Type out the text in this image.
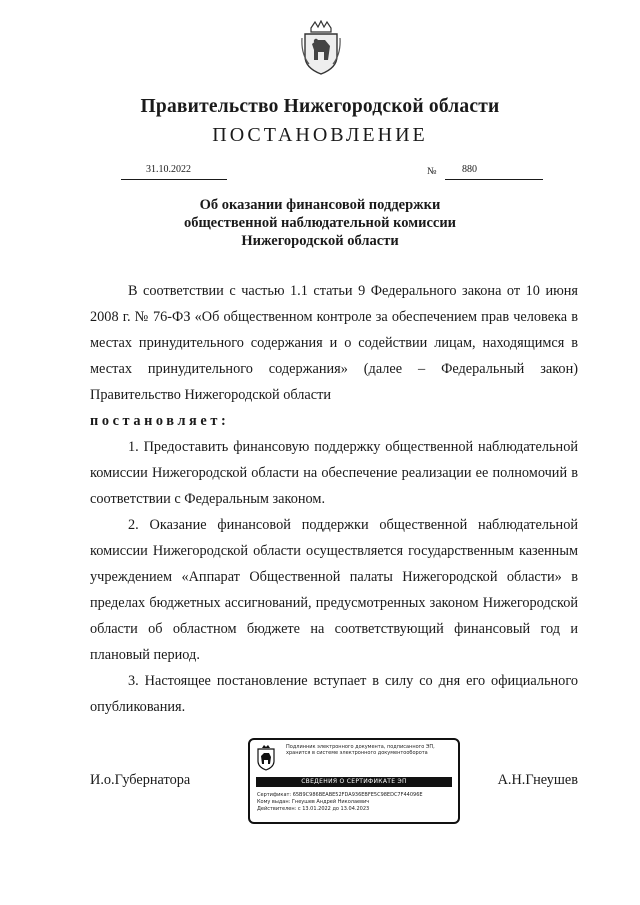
Правительство Нижегородской области
ПОСТАНОВЛЕНИЕ
31.10.2022	№	880
Об оказании финансовой поддержки
общественной наблюдательной комиссии
Нижегородской области

В соответствии с частью 1.1 статьи 9 Федерального закона от 10 июня 2008 г. № 76-ФЗ «Об общественном контроле за обеспечением прав человека в местах принудительного содержания и о содействии лицам, находящимся в местах принудительного содержания» (далее – Федеральный закон) Правительство Нижегородской области

постановляет:

1. Предоставить финансовую поддержку общественной наблюдательной комиссии Нижегородской области на обеспечение реализации ее полномочий в соответствии с Федеральным законом.

2. Оказание финансовой поддержки общественной наблюдательной комиссии Нижегородской области осуществляется государственным казенным учреждением «Аппарат Общественной палаты Нижегородской области» в пределах бюджетных ассигнований, предусмотренных законом Нижегородской области об областном бюджете на соответствующий финансовый год и плановый период.

3. Настоящее постановление вступает в силу со дня его официального опубликования.

И.о.Губернатора	А.Н.Гнеушев
Подлинник электронного документа, подписанного ЭП,
хранится в системе электронного документооборота
СВЕДЕНИЯ О СЕРТИФИКАТЕ ЭП
Сертификат: 65B9C986BEABE52FDA936EBFE5C98EDC7F44096E
Кому выдан: Гнеушев Андрей Николаевич
Действителен: с 13.01.2022 до 13.04.2023
